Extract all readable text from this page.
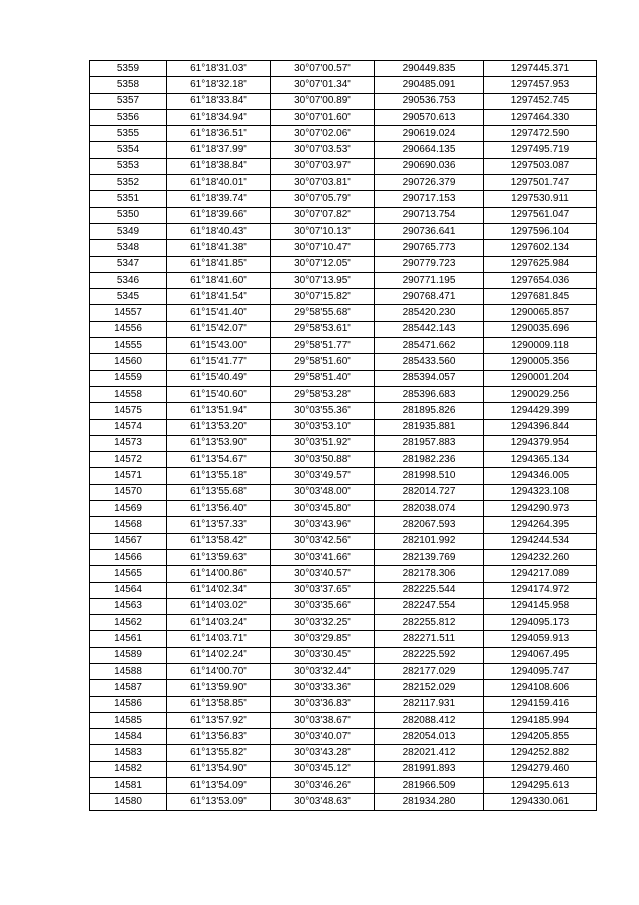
5359	61°18'31.03"	30°07'00.57"	290449.835	1297445.371
5358	61°18'32.18"	30°07'01.34"	290485.091	1297457.953
5357	61°18'33.84"	30°07'00.89"	290536.753	1297452.745
5356	61°18'34.94"	30°07'01.60"	290570.613	1297464.330
5355	61°18'36.51"	30°07'02.06"	290619.024	1297472.590
5354	61°18'37.99"	30°07'03.53"	290664.135	1297495.719
5353	61°18'38.84"	30°07'03.97"	290690.036	1297503.087
5352	61°18'40.01"	30°07'03.81"	290726.379	1297501.747
5351	61°18'39.74"	30°07'05.79"	290717.153	1297530.911
5350	61°18'39.66"	30°07'07.82"	290713.754	1297561.047
5349	61°18'40.43"	30°07'10.13"	290736.641	1297596.104
5348	61°18'41.38"	30°07'10.47"	290765.773	1297602.134
5347	61°18'41.85"	30°07'12.05"	290779.723	1297625.984
5346	61°18'41.60"	30°07'13.95"	290771.195	1297654.036
5345	61°18'41.54"	30°07'15.82"	290768.471	1297681.845
14557	61°15'41.40"	29°58'55.68"	285420.230	1290065.857
14556	61°15'42.07"	29°58'53.61"	285442.143	1290035.696
14555	61°15'43.00"	29°58'51.77"	285471.662	1290009.118
14560	61°15'41.77"	29°58'51.60"	285433.560	1290005.356
14559	61°15'40.49"	29°58'51.40"	285394.057	1290001.204
14558	61°15'40.60"	29°58'53.28"	285396.683	1290029.256
14575	61°13'51.94"	30°03'55.36"	281895.826	1294429.399
14574	61°13'53.20"	30°03'53.10"	281935.881	1294396.844
14573	61°13'53.90"	30°03'51.92"	281957.883	1294379.954
14572	61°13'54.67"	30°03'50.88"	281982.236	1294365.134
14571	61°13'55.18"	30°03'49.57"	281998.510	1294346.005
14570	61°13'55.68"	30°03'48.00"	282014.727	1294323.108
14569	61°13'56.40"	30°03'45.80"	282038.074	1294290.973
14568	61°13'57.33"	30°03'43.96"	282067.593	1294264.395
14567	61°13'58.42"	30°03'42.56"	282101.992	1294244.534
14566	61°13'59.63"	30°03'41.66"	282139.769	1294232.260
14565	61°14'00.86"	30°03'40.57"	282178.306	1294217.089
14564	61°14'02.34"	30°03'37.65"	282225.544	1294174.972
14563	61°14'03.02"	30°03'35.66"	282247.554	1294145.958
14562	61°14'03.24"	30°03'32.25"	282255.812	1294095.173
14561	61°14'03.71"	30°03'29.85"	282271.511	1294059.913
14589	61°14'02.24"	30°03'30.45"	282225.592	1294067.495
14588	61°14'00.70"	30°03'32.44"	282177.029	1294095.747
14587	61°13'59.90"	30°03'33.36"	282152.029	1294108.606
14586	61°13'58.85"	30°03'36.83"	282117.931	1294159.416
14585	61°13'57.92"	30°03'38.67"	282088.412	1294185.994
14584	61°13'56.83"	30°03'40.07"	282054.013	1294205.855
14583	61°13'55.82"	30°03'43.28"	282021.412	1294252.882
14582	61°13'54.90"	30°03'45.12"	281991.893	1294279.460
14581	61°13'54.09"	30°03'46.26"	281966.509	1294295.613
14580	61°13'53.09"	30°03'48.63"	281934.280	1294330.061
